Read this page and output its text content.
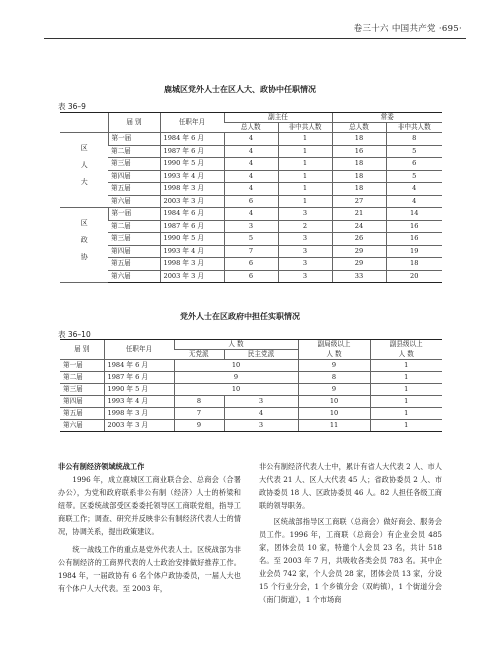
卷三十六 中国共产党 ·695·
鹿城区党外人士在区人大、政协中任职情况
表 36–9
	届 别	任职年月	副主任		常委	
			总人数	非中共人数	总人数	非中共人数
区人大	第一届	1984 年 6 月	4	1	18	8
	第二届	1987 年 6 月	4	1	16	5
	第三届	1990 年 5 月	4	1	18	6
	第四届	1993 年 4 月	4	1	18	5
	第五届	1998 年 3 月	4	1	18	4
	第六届	2003 年 3 月	6	1	27	4
区政协	第一届	1984 年 6 月	4	3	21	14
	第二届	1987 年 6 月	3	2	24	16
	第三届	1990 年 5 月	5	3	26	16
	第四届	1993 年 4 月	7	3	29	19
	第五届	1998 年 3 月	6	3	29	18
	第六届	2003 年 3 月	6	3	33	20
党外人士在区政府中担任实职情况
表 36–10
届 别	任职年月	人 数		副局级以上	副县级以上
		无党派	民主党派	人 数	人 数
第一届	1984 年 6 月	10		9	1
第二届	1987 年 6 月	9		8	1
第三届	1990 年 5 月	10		9	1
第四届	1993 年 4 月	8	3	10	1
第五届	1998 年 3 月	7	4	10	1
第六届	2003 年 3 月	9	3	11	1

非公有制经济领域统战工作

1996 年，成立鹿城区工商业联合会、总商会（合署办公），为党和政府联系非公有制（经济）人士的桥梁和纽带。区委统战部受区委委托领导区工商联党组，指导工商联工作；调查、研究并反映非公有制经济代表人士的情况，协调关系，提出政策建议。

统一战线工作的重点是党外代表人士。区统战部为非公有制经济的工商界代表的人士政治安排做好推荐工作。1984 年，一届政协有 6 名个体户政协委员，一届人大也有个体户人大代表。至 2003 年，

非公有制经济代表人士中，累计有省人大代表 2 人、市人大代表 21 人、区人大代表 45 人；省政协委员 2 人、市政协委员 18 人、区政协委员 46 人。82 人担任各级工商联的领导职务。

区统战部指导区工商联（总商会）做好商会、服务会员工作。1996 年，工商联（总商会）有企业会员 485 家，团体会员 10 家，特邀个人会员 23 名，共计 518 名。至 2003 年 7 月，共吸收各类会员 783 名。其中企业会员 742 家，个人会员 28 家，团体会员 13 家，分设 15 个行业分会，1 个乡镇分会（双屿镇），1 个街道分会（南门街道），1 个市场商
